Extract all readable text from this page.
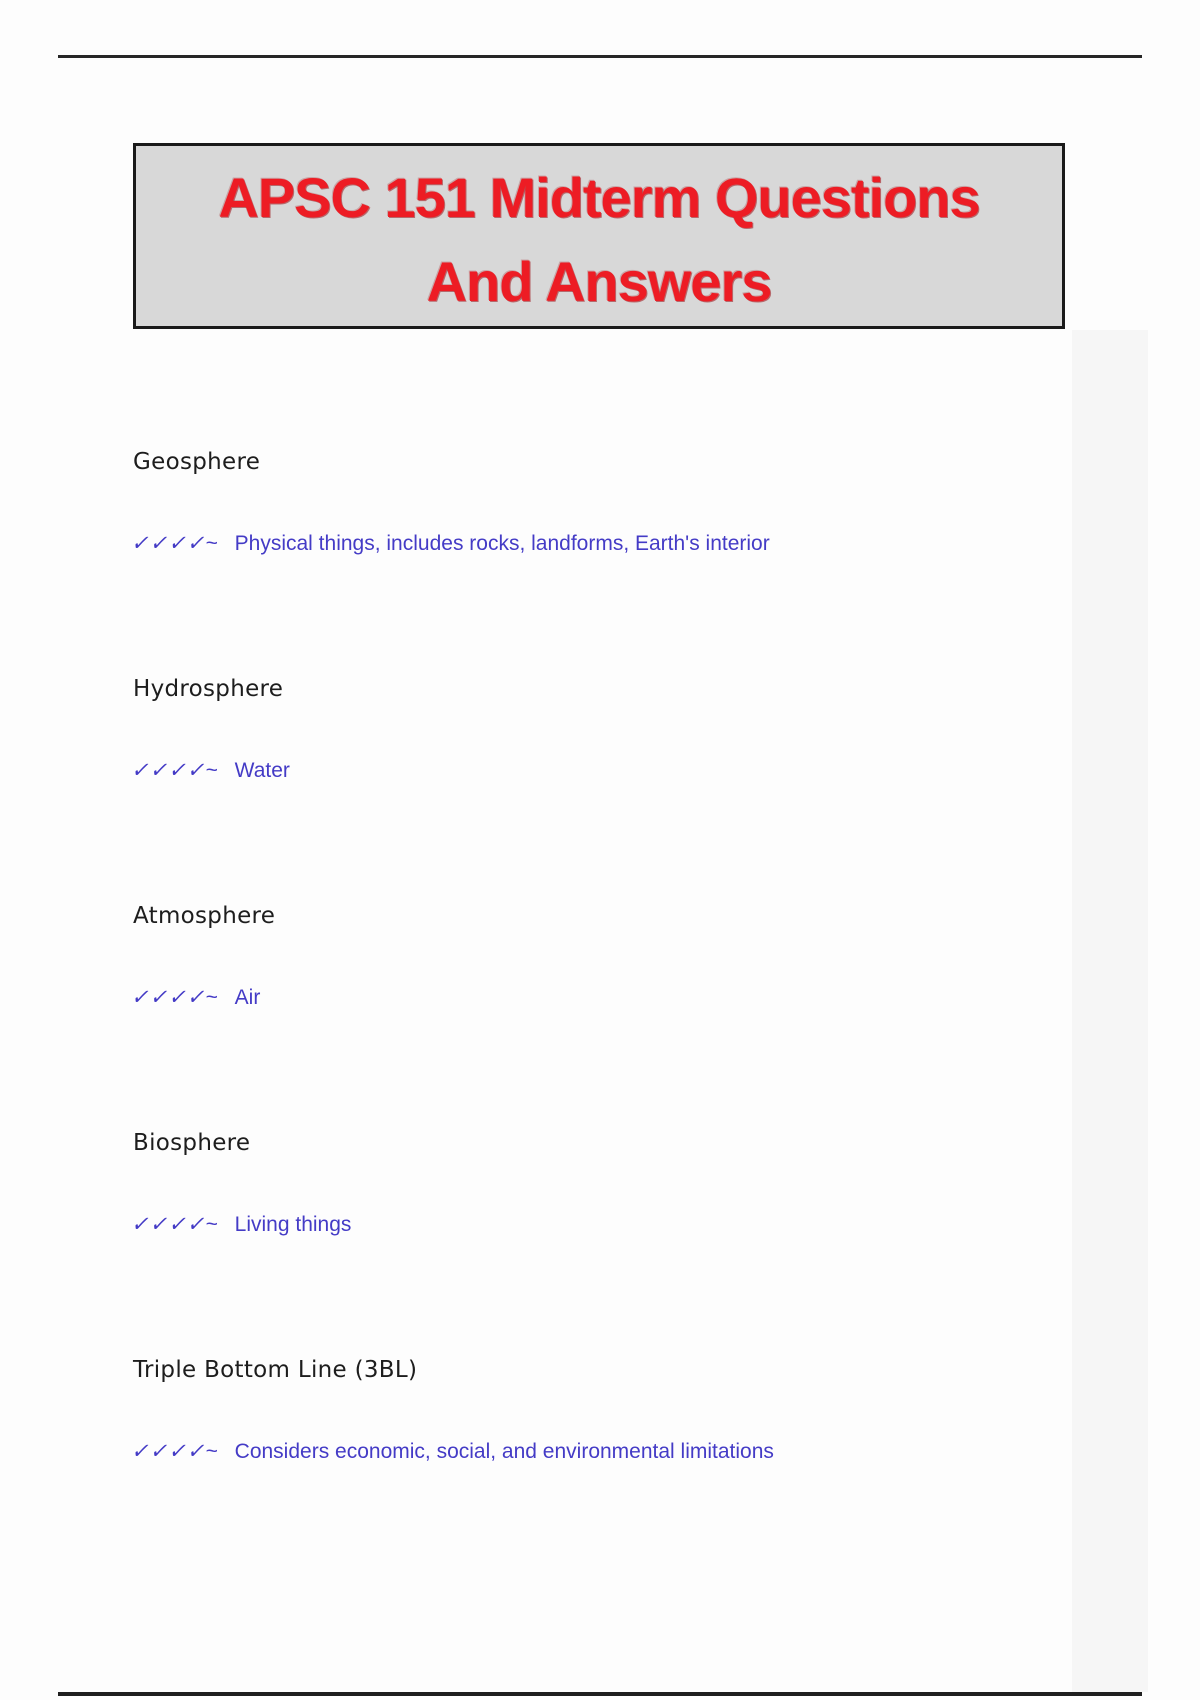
APSC 151 Midterm Questions
And Answers
Geosphere
✓✓✓✓~ Physical things, includes rocks, landforms, Earth's interior
Hydrosphere
✓✓✓✓~ Water
Atmosphere
✓✓✓✓~ Air
Biosphere
✓✓✓✓~ Living things
Triple Bottom Line (3BL)
✓✓✓✓~ Considers economic, social, and environmental limitations
